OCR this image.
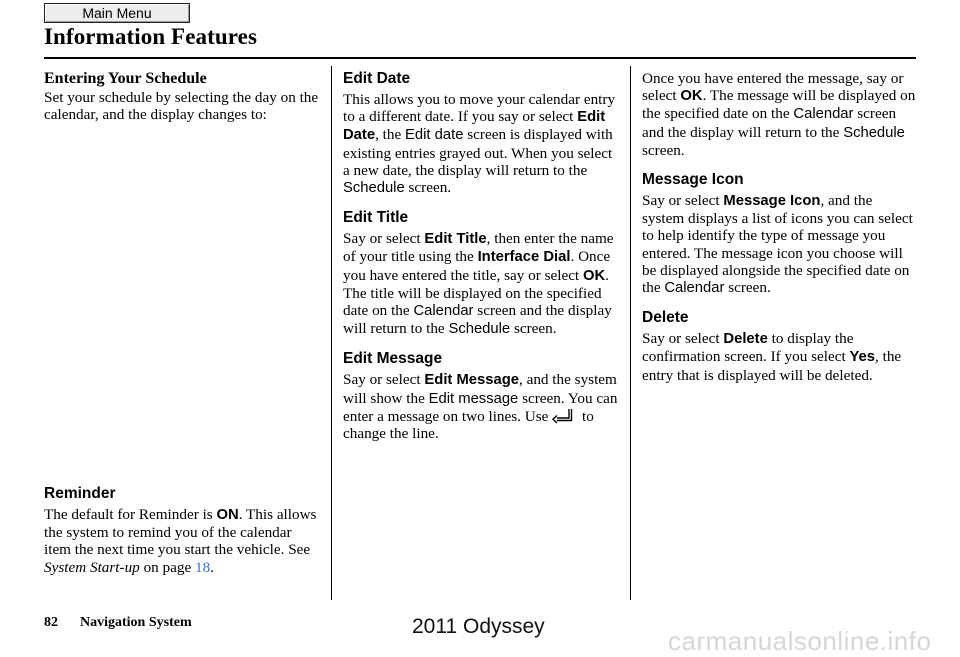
Main Menu
Information Features
Entering Your Schedule

Set your schedule by selecting the day on the calendar, and the display changes to:

Reminder

The default for Reminder is ON. This allows the system to remind you of the calendar item the next time you start the vehicle. See System Start-up on page 18.

Edit Date

This allows you to move your calendar entry to a different date. If you say or select Edit Date, the Edit date screen is displayed with existing entries grayed out. When you select a new date, the display will return to the Schedule screen.

Edit Title

Say or select Edit Title, then enter the name of your title using the Interface Dial. Once you have entered the title, say or select OK. The title will be displayed on the specified date on the Calendar screen and the display will return to the Schedule screen.

Edit Message

Say or select Edit Message, and the system will show the Edit message screen. You can enter a message on two lines. Use  to change the line.

Once you have entered the message, say or select OK. The message will be displayed on the specified date on the Calendar screen and the display will return to the Schedule screen.

Message Icon

Say or select Message Icon, and the system displays a list of icons you can select to help identify the type of message you entered. The message icon you choose will be displayed alongside the specified date on the Calendar screen.

Delete

Say or select Delete to display the confirmation screen. If you select Yes, the entry that is displayed will be deleted.

82 Navigation System	2011 Odyssey	carmanualsonline.info
